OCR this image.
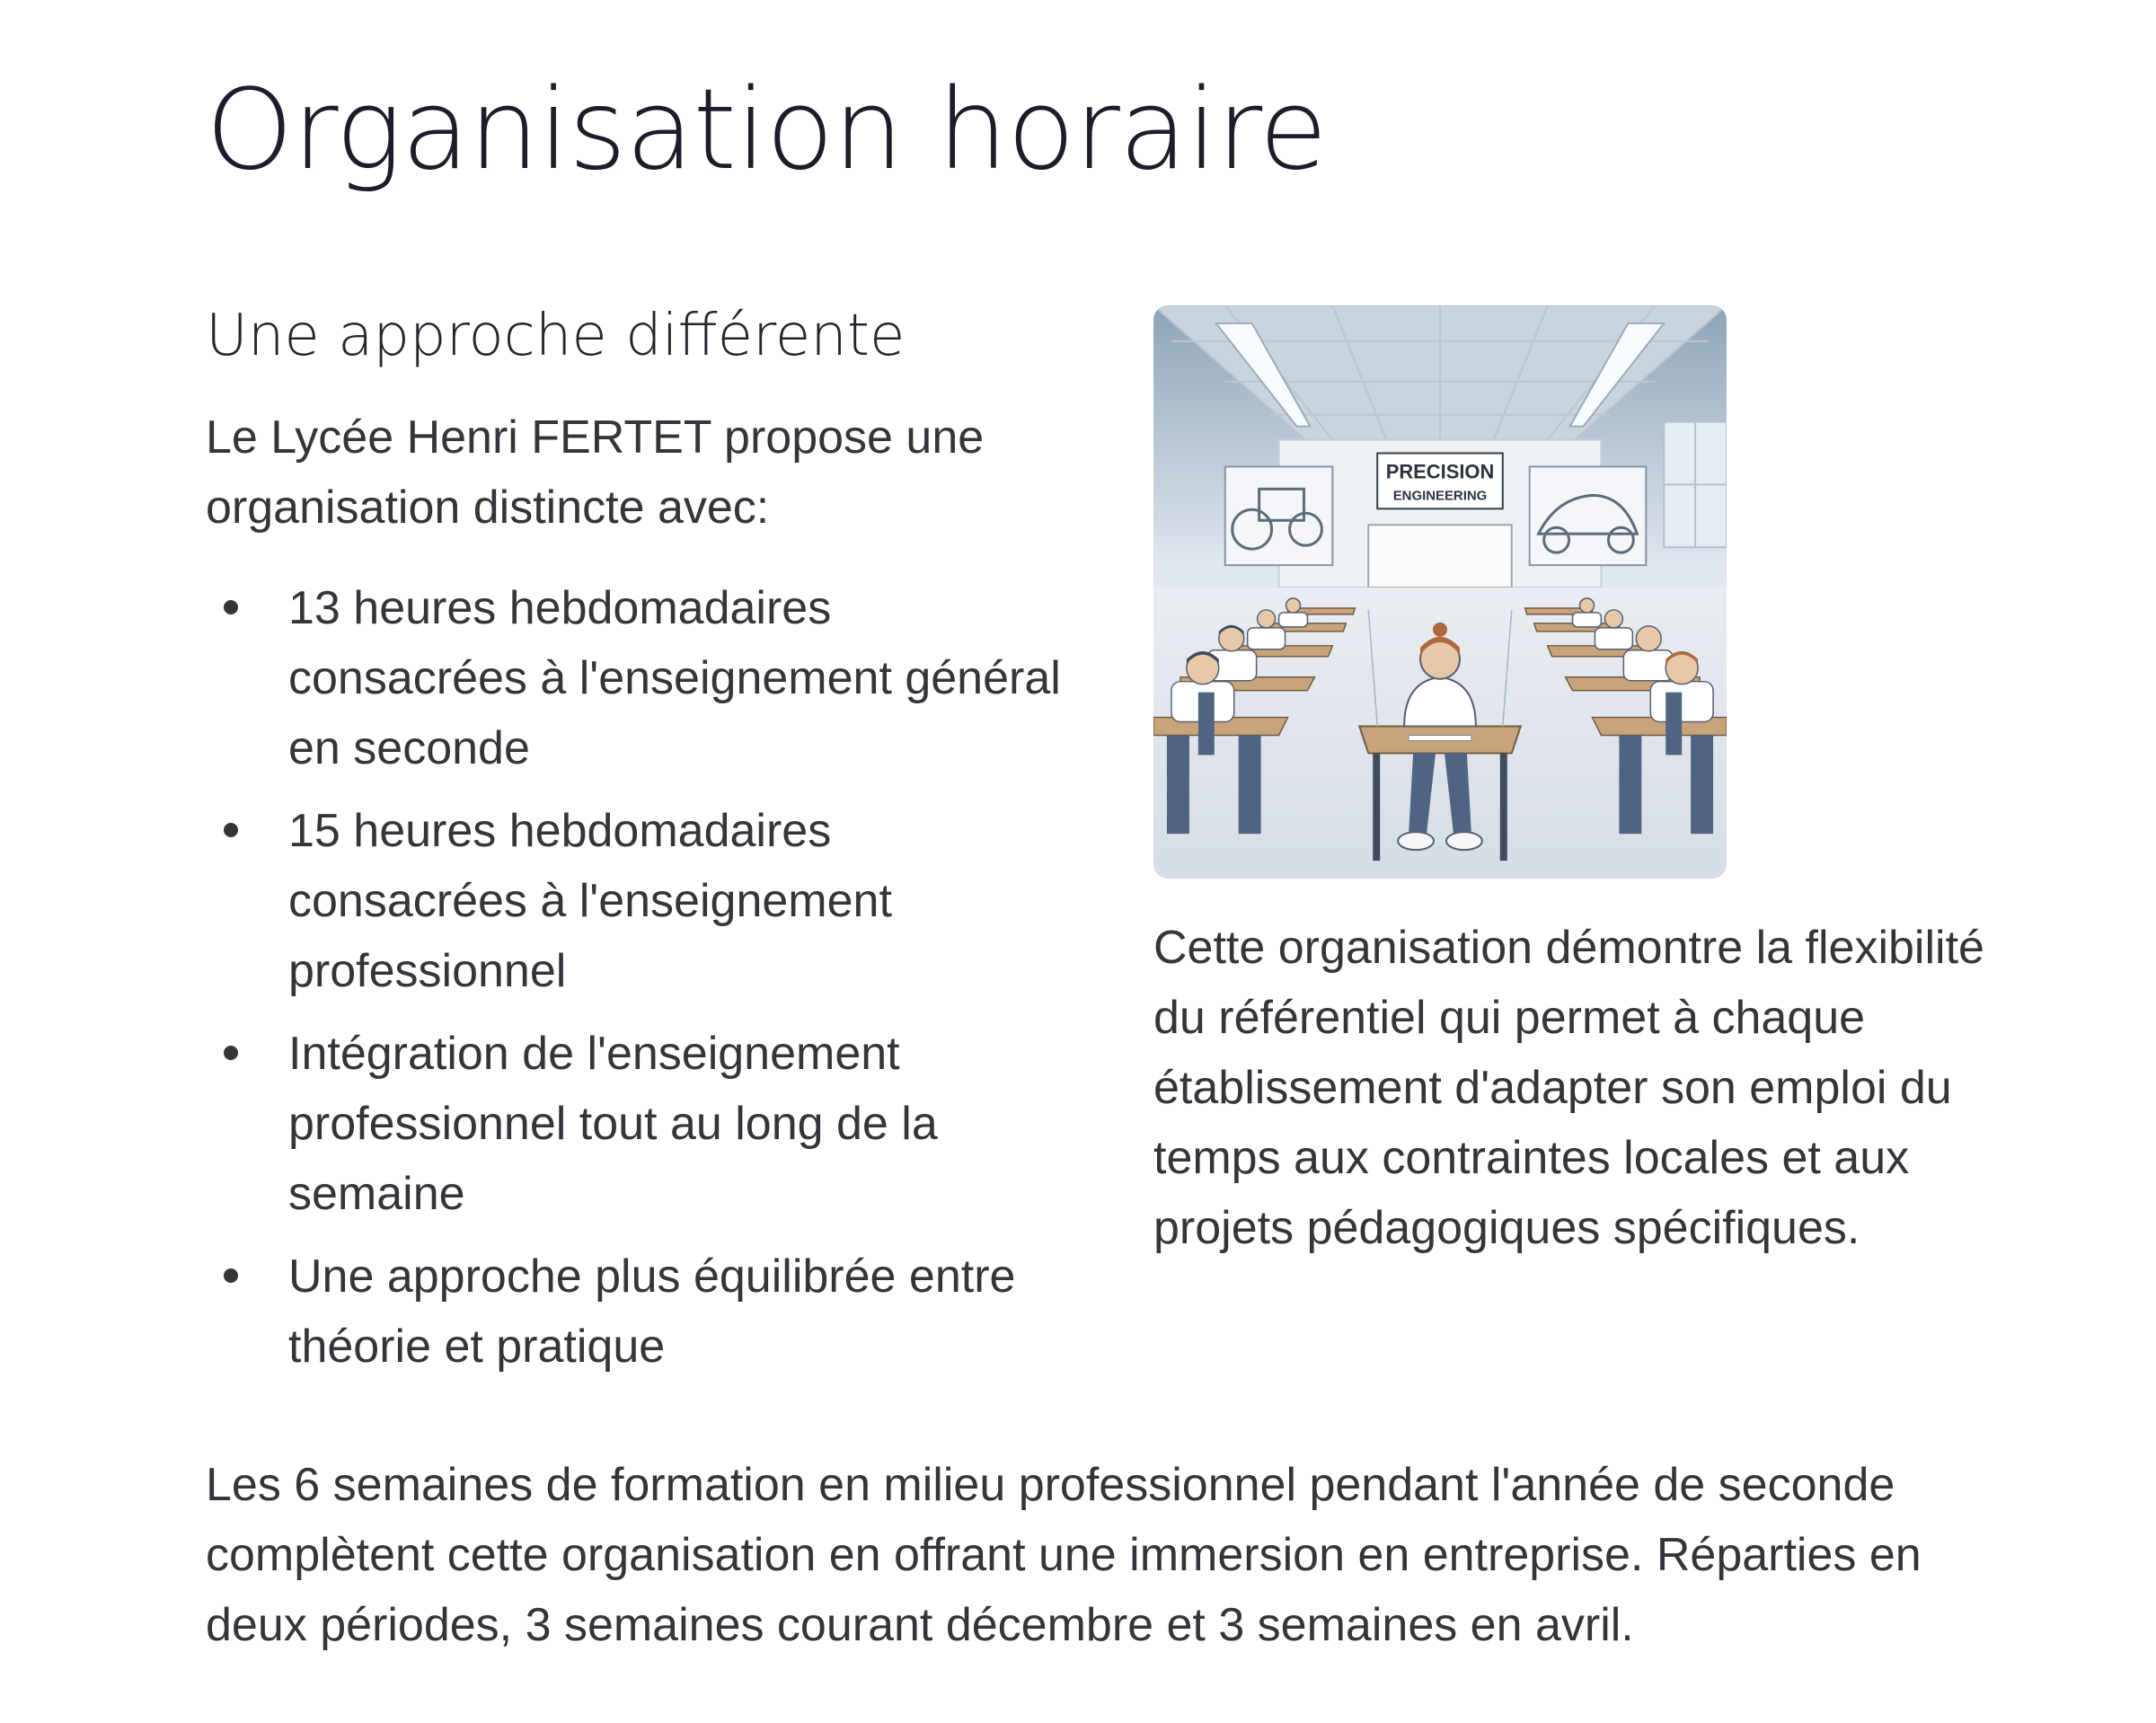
Organisation horaire
Une approche différente

Le Lycée Henri FERTET propose une organisation distincte avec:

13 heures hebdomadaires consacrées à l'enseignement général en seconde
15 heures hebdomadaires consacrées à l'enseignement professionnel
Intégration de l'enseignement professionnel tout au long de la semaine
Une approche plus équilibrée entre théorie et pratique
PRECISION
ENGINEERING

Cette organisation démontre la flexibilité du référentiel qui permet à chaque établissement d'adapter son emploi du temps aux contraintes locales et aux projets pédagogiques spécifiques.

Les 6 semaines de formation en milieu professionnel pendant l'année de seconde complètent cette organisation en offrant une immersion en entreprise. Réparties en deux périodes, 3 semaines courant décembre et 3 semaines en avril.
